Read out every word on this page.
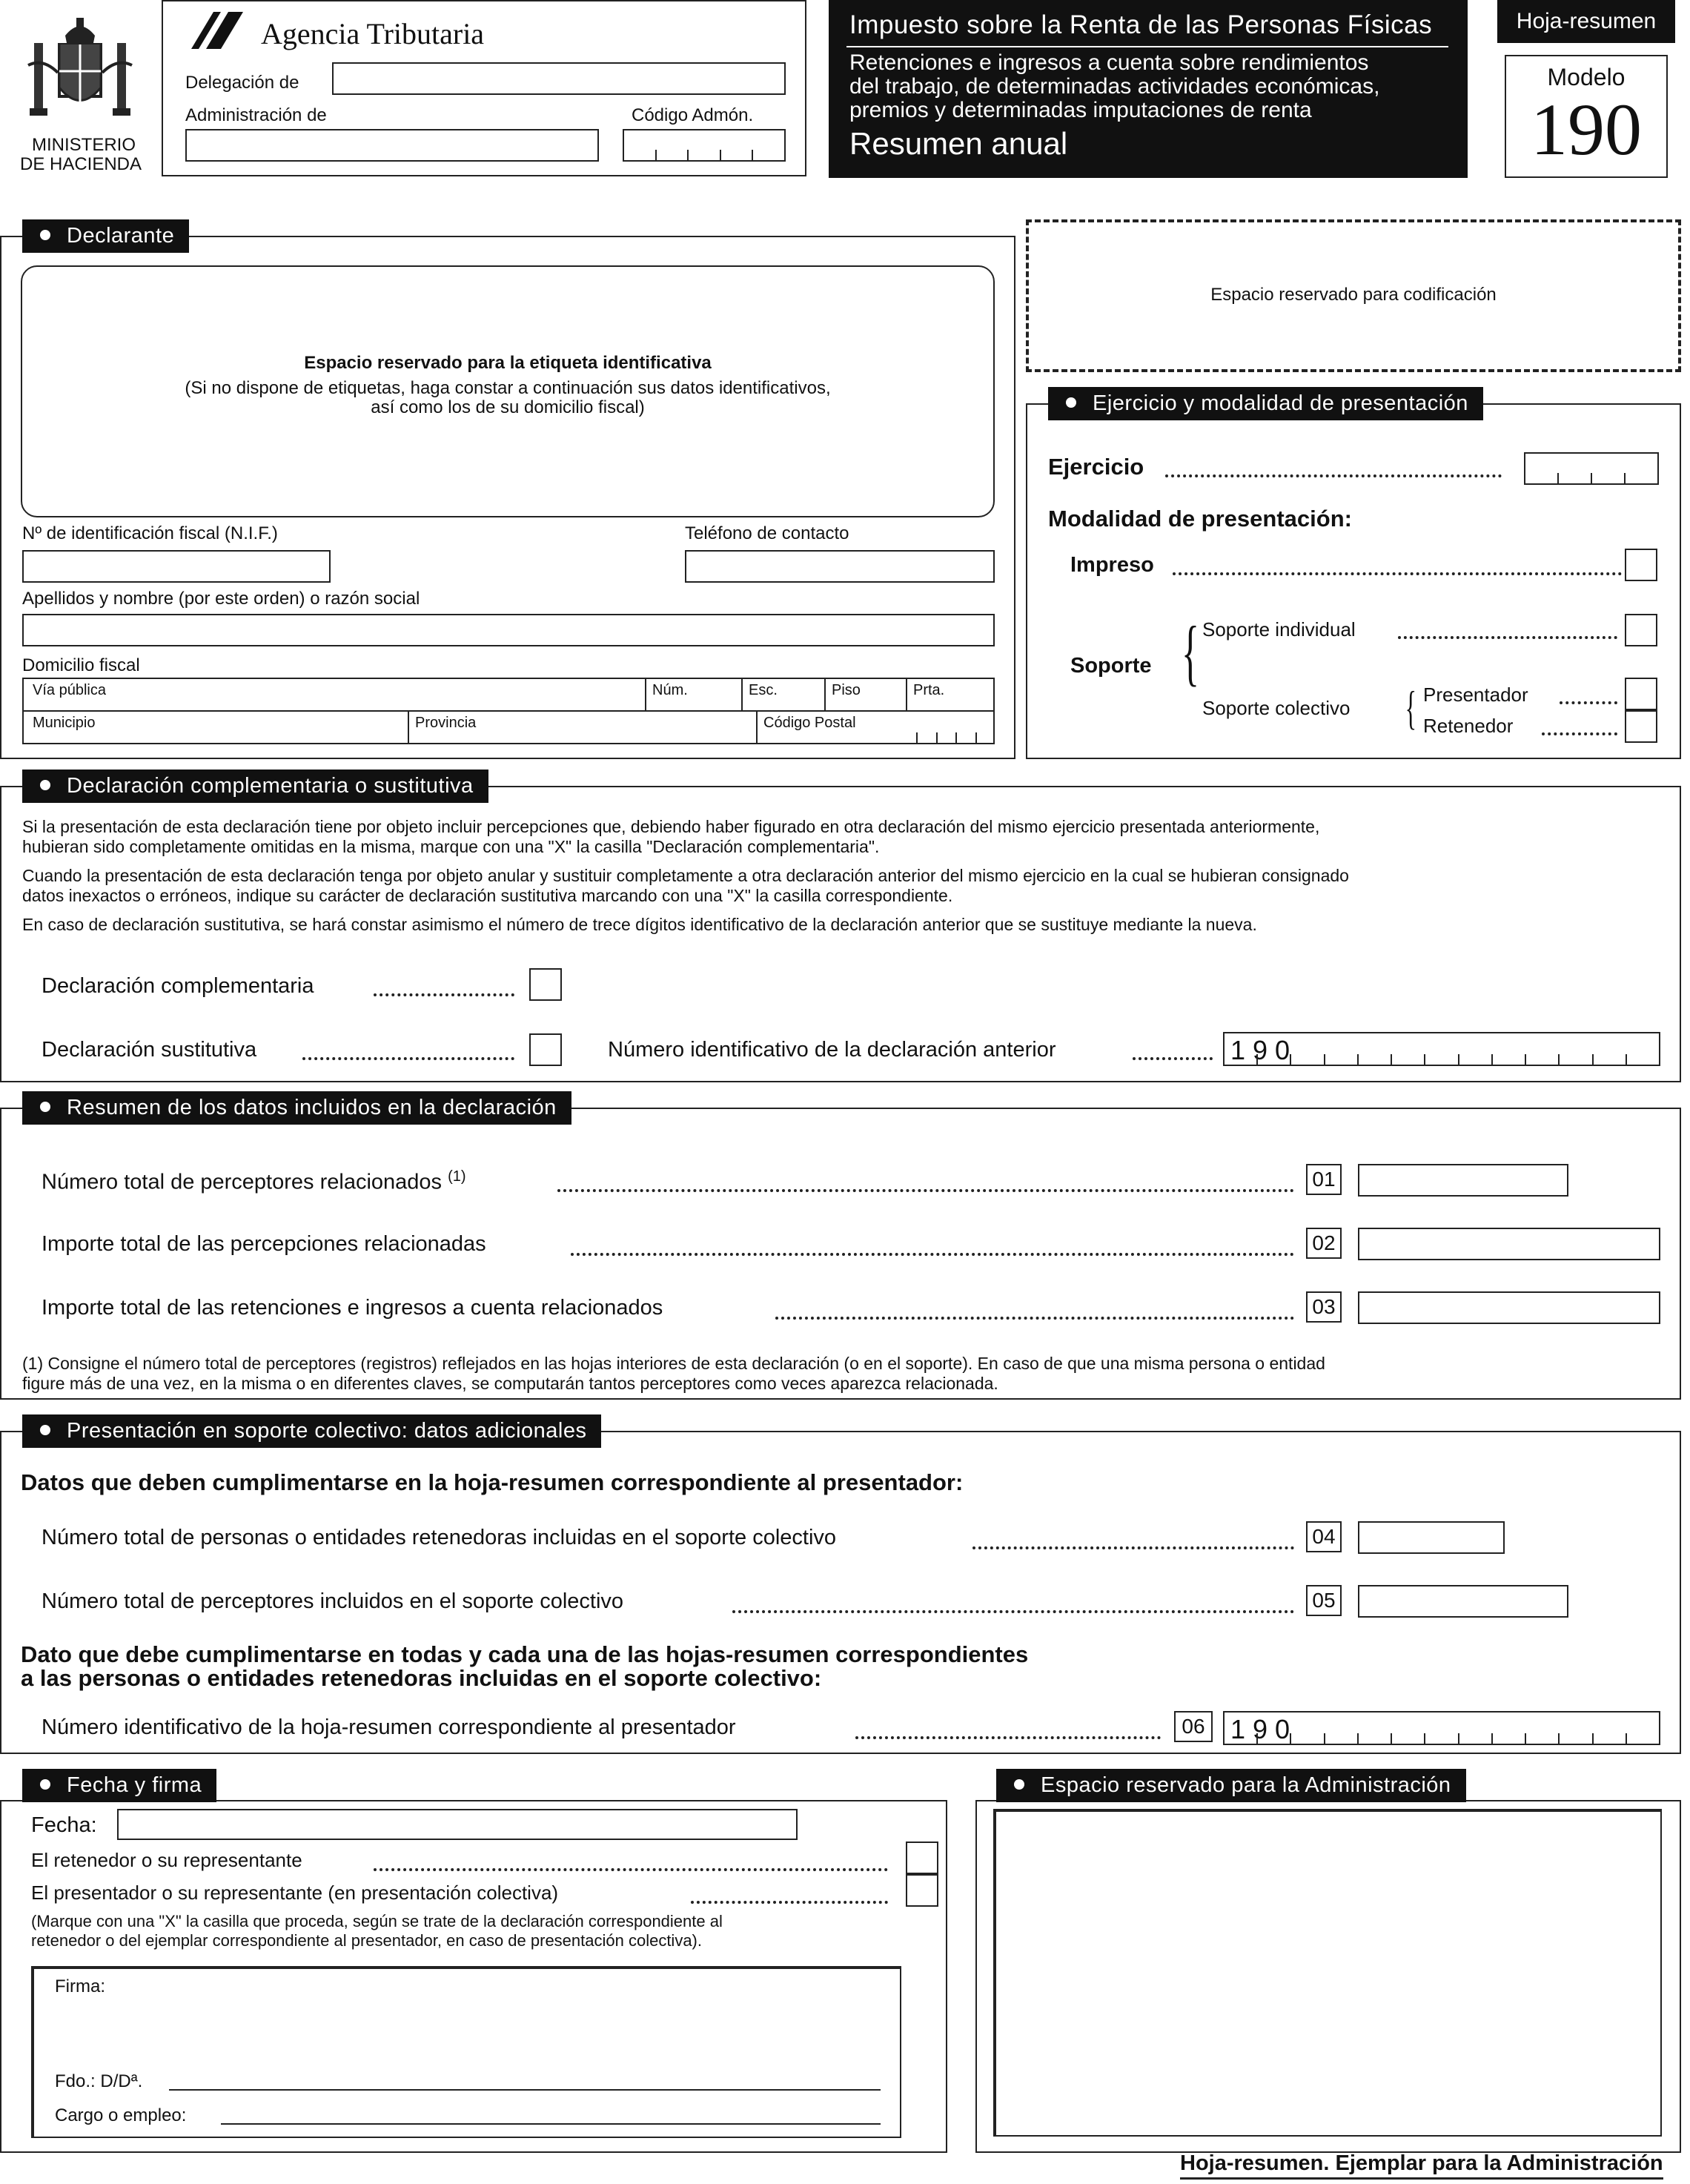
MINISTERIO
DE HACIENDA
Agencia Tributaria
Delegación de
Administración de	Código Admón.
Impuesto sobre la Renta de las Personas Físicas
Retenciones e ingresos a cuenta sobre rendimientos
del trabajo, de determinadas actividades económicas,
premios y determinadas imputaciones de renta
Resumen anual
Hoja-resumen
Modelo
190
Declarante
Espacio reservado para la etiqueta identificativa
(Si no dispone de etiquetas, haga constar a continuación sus datos identificativos,
así como los de su domicilio fiscal)
Nº de identificación fiscal (N.I.F.)	Teléfono de contacto
Apellidos y nombre (por este orden) o razón social
Domicilio fiscal
Vía pública	Núm.	Esc.	Piso	Prta.
Municipio	Provincia	Código Postal
Espacio reservado para codificación
Ejercicio y modalidad de presentación
Ejercicio
Modalidad de presentación:
Impreso
Soporte { Soporte individual
Soporte colectivo { Presentador
Retenedor
Declaración complementaria o sustitutiva
Si la presentación de esta declaración tiene por objeto incluir percepciones que, debiendo haber figurado en otra declaración del mismo ejercicio presentada anteriormente,
hubieran sido completamente omitidas en la misma, marque con una "X" la casilla "Declaración complementaria".
Cuando la presentación de esta declaración tenga por objeto anular y sustituir completamente a otra declaración anterior del mismo ejercicio en la cual se hubieran consignado
datos inexactos o erróneos, indique su carácter de declaración sustitutiva marcando con una "X" la casilla correspondiente.
En caso de declaración sustitutiva, se hará constar asimismo el número de trece dígitos identificativo de la declaración anterior que se sustituye mediante la nueva.
Declaración complementaria
Declaración sustitutiva	Número identificativo de la declaración anterior	190
Resumen de los datos incluidos en la declaración
Número total de perceptores relacionados $^{(1)}$	01
Importe total de las percepciones relacionadas	02
Importe total de las retenciones e ingresos a cuenta relacionados	03
(1) Consigne el número total de perceptores (registros) reflejados en las hojas interiores de esta declaración (o en el soporte). En caso de que una misma persona o entidad
figure más de una vez, en la misma o en diferentes claves, se computarán tantos perceptores como veces aparezca relacionada.
Presentación en soporte colectivo: datos adicionales
Datos que deben cumplimentarse en la hoja-resumen correspondiente al presentador:
Número total de personas o entidades retenedoras incluidas en el soporte colectivo	04
Número total de perceptores incluidos en el soporte colectivo	05
Dato que debe cumplimentarse en todas y cada una de las hojas-resumen correspondientes
a las personas o entidades retenedoras incluidas en el soporte colectivo:
Número identificativo de la hoja-resumen correspondiente al presentador	06 190
Fecha y firma
Fecha:
El retenedor o su representante
El presentador o su representante (en presentación colectiva)
(Marque con una "X" la casilla que proceda, según se trate de la declaración correspondiente al
retenedor o del ejemplar correspondiente al presentador, en caso de presentación colectiva).
Firma:
Fdo.: D/Dª.
Cargo o empleo:
Espacio reservado para la Administración
Hoja-resumen. Ejemplar para la Administración
